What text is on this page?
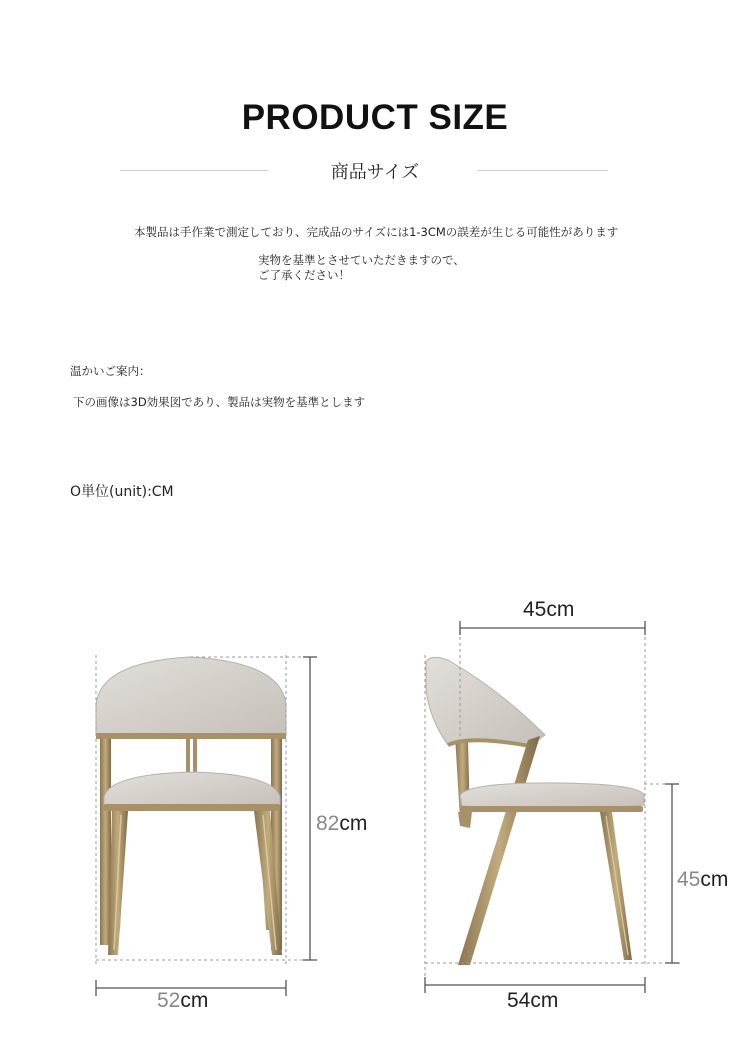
PRODUCT SIZE
商品サイズ
本製品は手作業で測定しており、完成品のサイズには1-3CMの誤差が生じる可能性があります
実物を基準とさせていただきますので、
ご了承ください！
温かいご案内：
下の画像は3D効果図であり、製品は実物を基準とします
O単位(unit):CM
82cm
52cm
45cm
45cm
54cm
